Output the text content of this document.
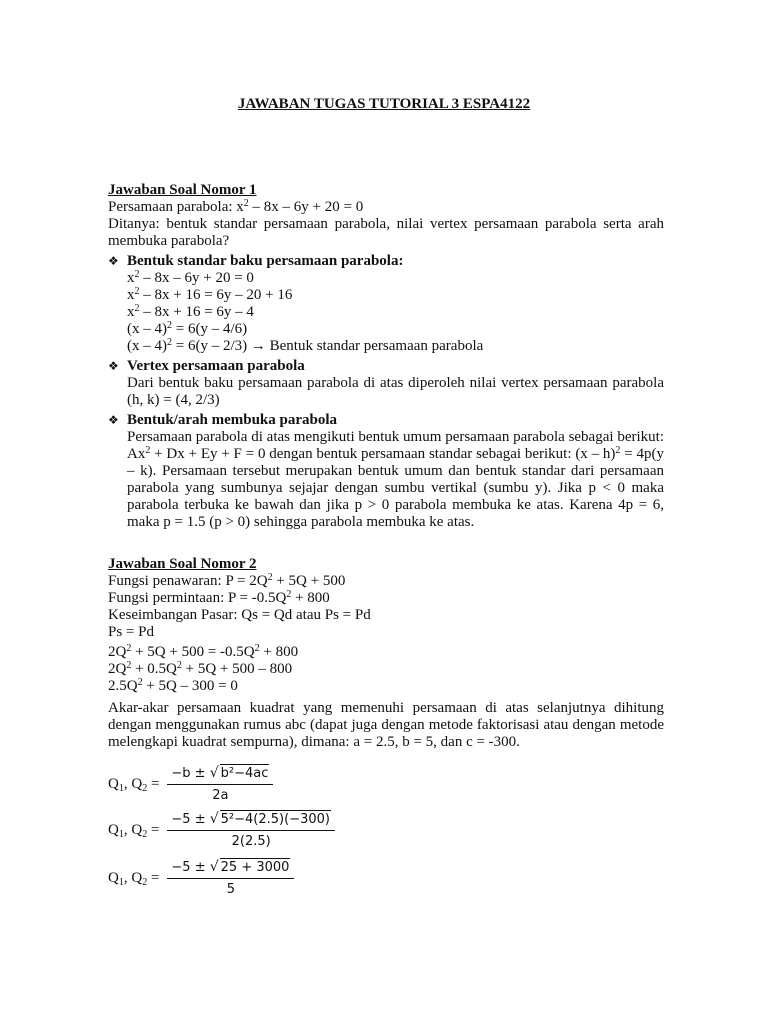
JAWABAN TUGAS TUTORIAL 3 ESPA4122
Jawaban Soal Nomor 1
Persamaan parabola: $x^2 - 8x - 6y + 20 = 0$
Ditanya: bentuk standar persamaan parabola, nilai vertex persamaan parabola serta arah membuka parabola?
❖ Bentuk standar baku persamaan parabola:
$x^2 - 8x - 6y + 20 = 0$
$x^2 - 8x + 16 = 6y - 20 + 16$
$x^2 - 8x + 16 = 6y - 4$
(x – 4)$^2$ = 6(y – 4/6)
(x – 4)$^2$ = 6(y – 2/3) → Bentuk standar persamaan parabola
❖ Vertex persamaan parabola
Dari bentuk baku persamaan parabola di atas diperoleh nilai vertex persamaan parabola (h, k) = (4, 2/3)
❖ Bentuk/arah membuka parabola
Persamaan parabola di atas mengikuti bentuk umum persamaan parabola sebagai berikut: $Ax^2 + Dx + Ey + F = 0$ dengan bentuk persamaan standar sebagai berikut: (x – h)$^2$ = 4p(y – k). Persamaan tersebut merupakan bentuk umum dan bentuk standar dari persamaan parabola yang sumbunya sejajar dengan sumbu vertikal (sumbu y). Jika p < 0 maka parabola terbuka ke bawah dan jika p > 0 parabola membuka ke atas. Karena 4p = 6, maka p = 1.5 (p > 0) sehingga parabola membuka ke atas.
Jawaban Soal Nomor 2
Fungsi penawaran: $P = 2Q^2 + 5Q + 500$
Fungsi permintaan: $P = -0.5Q^2 + 800$
Keseimbangan Pasar: Qs = Qd atau Ps = Pd
Ps = Pd
$2Q^2 + 5Q + 500 = -0.5Q^2 + 800$
$2Q^2 + 0.5Q^2 + 5Q + 500 - 800$
$2.5Q^2 + 5Q - 300 = 0$
Akar-akar persamaan kuadrat yang memenuhi persamaan di atas selanjutnya dihitung dengan menggunakan rumus abc (dapat juga dengan metode faktorisasi atau dengan metode melengkapi kuadrat sempurna), dimana: a = 2.5, b = 5, dan c = -300.
$Q_1$, $Q_2 = \frac{\text{−b ± √ b²−4ac}}{2a}$
$Q_1$, $Q_2 = \frac{\text{−5 ± √ 5²−4(2.5)(−300)}}{2(2.5)}$
$Q_1$, $Q_2 = \frac{-5 \pm √ 25 + 3000}{5}$
